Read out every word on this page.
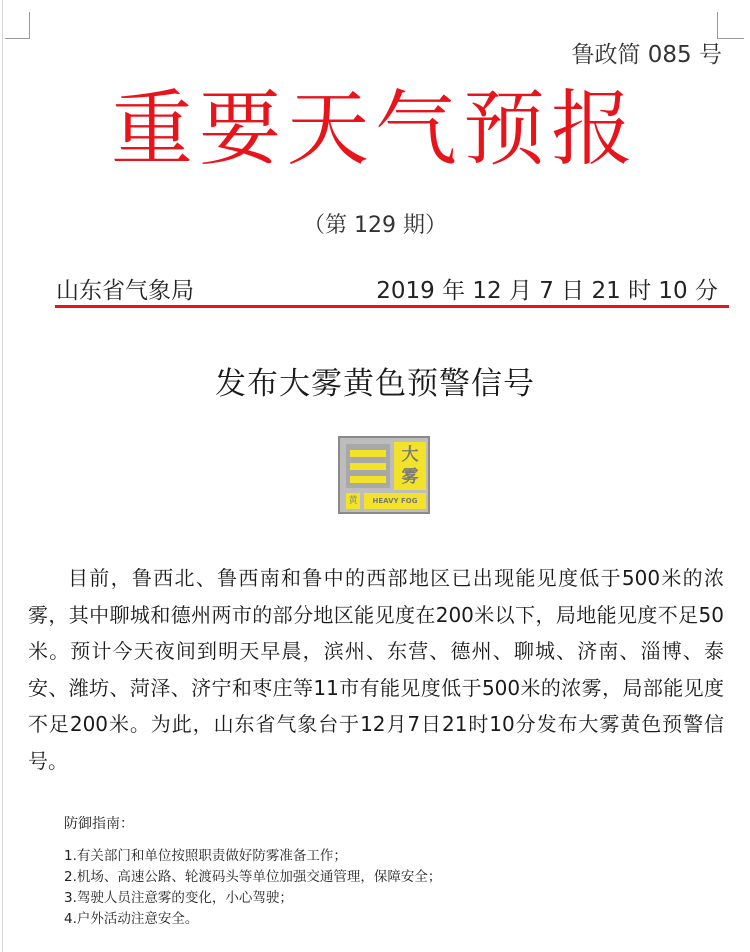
鲁政简 085 号
重要天气预报
（第 129 期）
山东省气象局	2019 年 12 月 7 日 21 时 10 分
发布大雾黄色预警信号
大
雾
黄	HEAVY FOG
目前，鲁西北、鲁西南和鲁中的西部地区已出现能见度低于500米的浓雾，其中聊城和德州两市的部分地区能见度在200米以下，局地能见度不足50米。预计今天夜间到明天早晨，滨州、东营、德州、聊城、济南、淄博、泰安、潍坊、菏泽、济宁和枣庄等11市有能见度低于500米的浓雾，局部能见度不足200米。为此，山东省气象台于12月7日21时10分发布大雾黄色预警信号。
防御指南：
1.有关部门和单位按照职责做好防雾准备工作；
2.机场、高速公路、轮渡码头等单位加强交通管理，保障安全；
3.驾驶人员注意雾的变化，小心驾驶；
4.户外活动注意安全。
